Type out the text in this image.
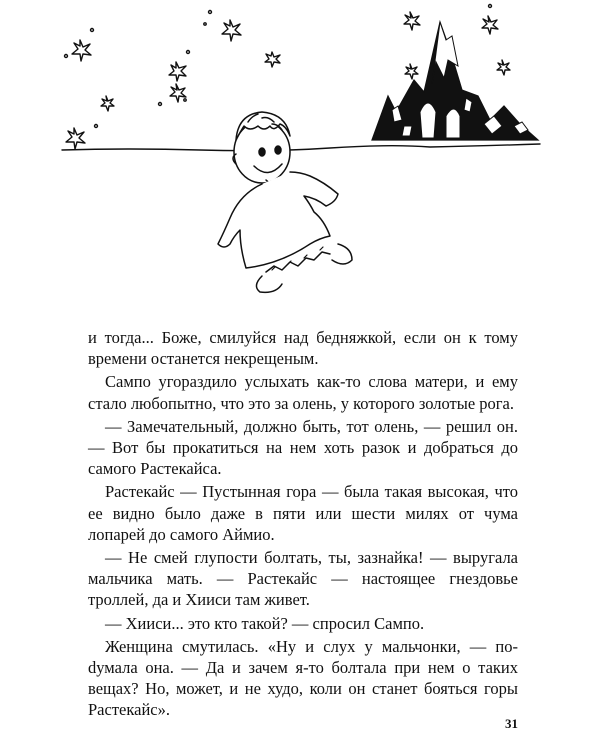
и тогда... Боже, смилуйся над бедняжкой, если он к тому времени останется некрещеным.

Сампо угораздило услыхать как-то слова матери, и ему стало любопытно, что это за олень, у которого золотые рога.

— Замечательный, должно быть, тот олень, — решил он. — Вот бы прокатиться на нем хоть разок и добраться до самого Растекайса.

Растекайс — Пустынная гора — была такая высокая, что ее видно было даже в пяти или шести милях от чума лопарей до самого Аймио.

— Не смей глупости болтать, ты, зазнайка! — выругала мальчика мать. — Растекайс — настоящее гнездовье троллей, да и Хииси там живет.

— Хииси... это кто такой? — спросил Сампо.

Женщина смутилась. «Ну и слух у мальчонки, — поdумала она. — Да и зачем я-то болтала при нем о таких вещах? Но, может, и не худо, коли он станет бояться горы Растекайс».

31
